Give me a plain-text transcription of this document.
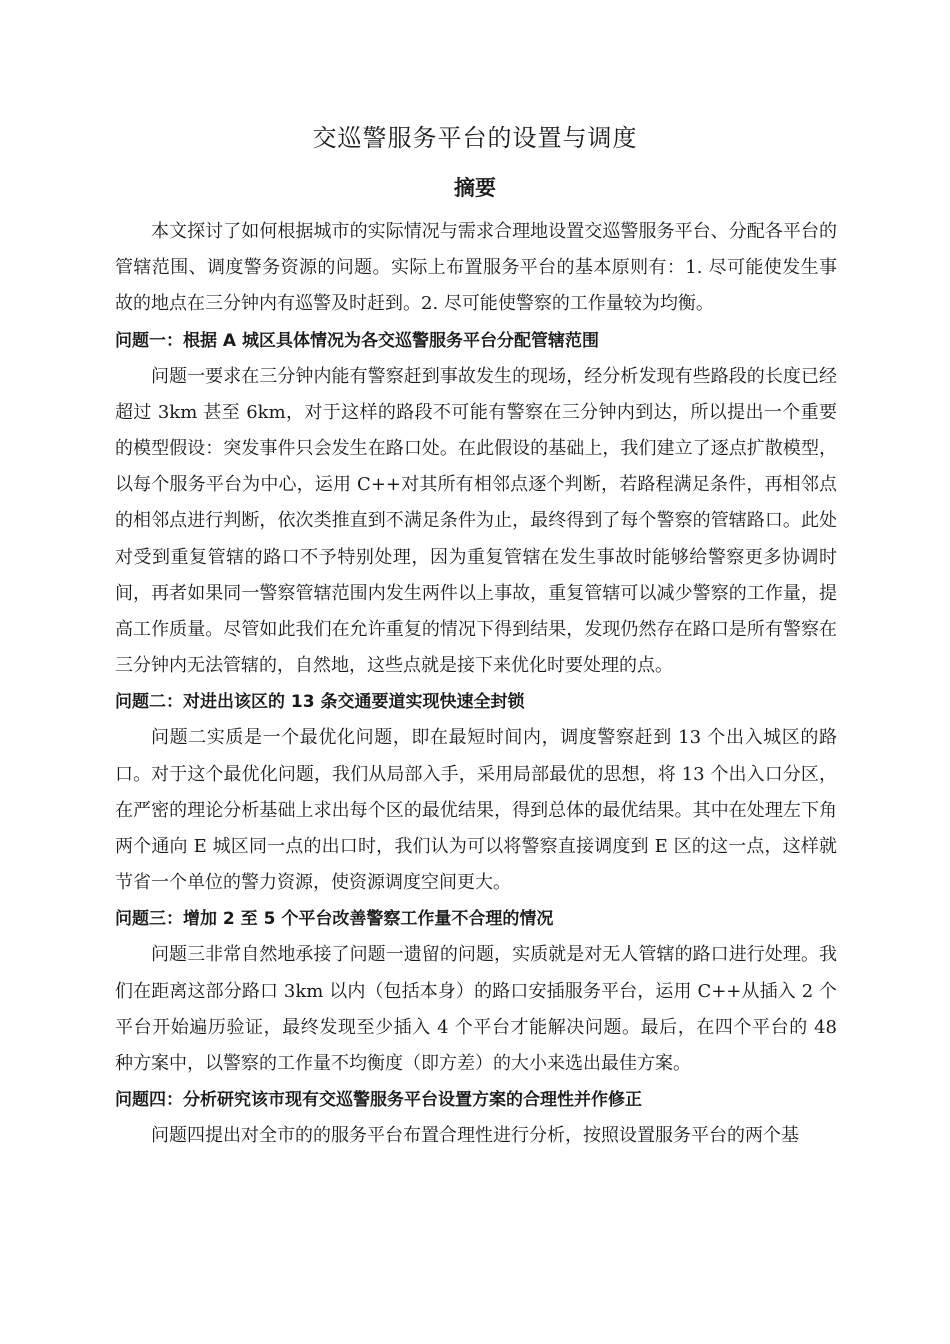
交巡警服务平台的设置与调度
摘要

本文探讨了如何根据城市的实际情况与需求合理地设置交巡警服务平台、分配各平台的管辖范围、调度警务资源的问题。实际上布置服务平台的基本原则有：1. 尽可能使发生事故的地点在三分钟内有巡警及时赶到。2. 尽可能使警察的工作量较为均衡。

问题一：根据 A 城区具体情况为各交巡警服务平台分配管辖范围

问题一要求在三分钟内能有警察赶到事故发生的现场，经分析发现有些路段的长度已经超过 3km 甚至 6km，对于这样的路段不可能有警察在三分钟内到达，所以提出一个重要的模型假设：突发事件只会发生在路口处。在此假设的基础上，我们建立了逐点扩散模型，以每个服务平台为中心，运用 C++对其所有相邻点逐个判断，若路程满足条件，再相邻点的相邻点进行判断，依次类推直到不满足条件为止，最终得到了每个警察的管辖路口。此处对受到重复管辖的路口不予特别处理，因为重复管辖在发生事故时能够给警察更多协调时间，再者如果同一警察管辖范围内发生两件以上事故，重复管辖可以减少警察的工作量，提高工作质量。尽管如此我们在允许重复的情况下得到结果，发现仍然存在路口是所有警察在三分钟内无法管辖的，自然地，这些点就是接下来优化时要处理的点。

问题二：对进出该区的 13 条交通要道实现快速全封锁

问题二实质是一个最优化问题，即在最短时间内，调度警察赶到 13 个出入城区的路口。对于这个最优化问题，我们从局部入手，采用局部最优的思想，将 13 个出入口分区，在严密的理论分析基础上求出每个区的最优结果，得到总体的最优结果。其中在处理左下角两个通向 E 城区同一点的出口时，我们认为可以将警察直接调度到 E 区的这一点，这样就节省一个单位的警力资源，使资源调度空间更大。

问题三：增加 2 至 5 个平台改善警察工作量不合理的情况

问题三非常自然地承接了问题一遗留的问题，实质就是对无人管辖的路口进行处理。我们在距离这部分路口 3km 以内（包括本身）的路口安插服务平台，运用 C++从插入 2 个平台开始遍历验证，最终发现至少插入 4 个平台才能解决问题。最后，在四个平台的 48 种方案中，以警察的工作量不均衡度（即方差）的大小来选出最佳方案。

问题四：分析研究该市现有交巡警服务平台设置方案的合理性并作修正

问题四提出对全市的的服务平台布置合理性进行分析，按照设置服务平台的两个基
